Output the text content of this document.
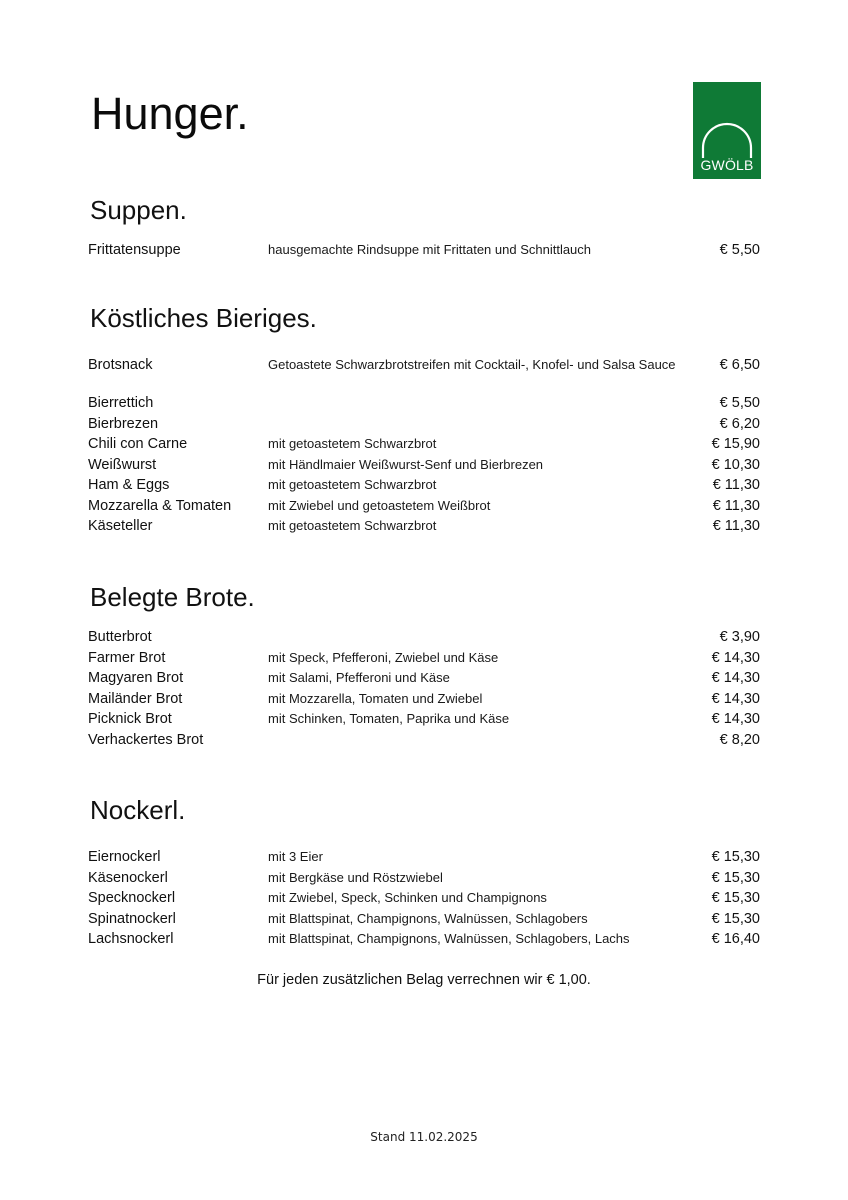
Hunger.
GWÖLB
Suppen.
Frittatensuppe	hausgemachte Rindsuppe mit Frittaten und Schnittlauch	€ 5,50
Köstliches Bieriges.
Brotsnack	Getoastete Schwarzbrotstreifen mit Cocktail-, Knofel- und Salsa Sauce	€ 6,50
Bierrettich	€ 5,50
Bierbrezen	€ 6,20
Chili con Carne	mit getoastetem Schwarzbrot	€ 15,90
Weißwurst	mit Händlmaier Weißwurst-Senf und Bierbrezen	€ 10,30
Ham & Eggs	mit getoastetem Schwarzbrot	€ 11,30
Mozzarella & Tomaten	mit Zwiebel und getoastetem Weißbrot	€ 11,30
Käseteller	mit getoastetem Schwarzbrot	€ 11,30
Belegte Brote.
Butterbrot	€ 3,90
Farmer Brot	mit Speck, Pfefferoni, Zwiebel und Käse	€ 14,30
Magyaren Brot	mit Salami, Pfefferoni und Käse	€ 14,30
Mailänder Brot	mit Mozzarella, Tomaten und Zwiebel	€ 14,30
Picknick Brot	mit Schinken, Tomaten, Paprika und Käse	€ 14,30
Verhackertes Brot	€ 8,20
Nockerl.
Eiernockerl	mit 3 Eier	€ 15,30
Käsenockerl	mit Bergkäse und Röstzwiebel	€ 15,30
Specknockerl	mit Zwiebel, Speck, Schinken und Champignons	€ 15,30
Spinatnockerl	mit Blattspinat, Champignons, Walnüssen, Schlagobers	€ 15,30
Lachsnockerl	mit Blattspinat, Champignons, Walnüssen, Schlagobers, Lachs	€ 16,40
Für jeden zusätzlichen Belag verrechnen wir € 1,00.
Stand 11.02.2025
